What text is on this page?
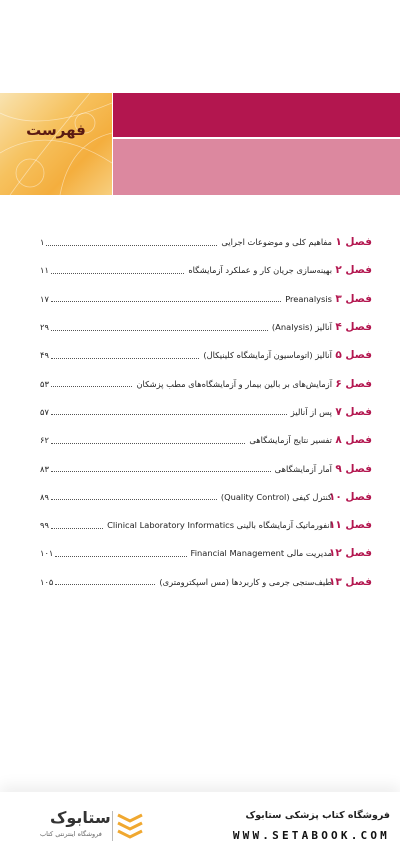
فهرست
فصل ۱
مفاهیم کلی و موضوعات اجرایی
۱
فصل ۲
بهینه‌سازی جریان کار و عملکرد آزمایشگاه
۱۱
فصل ۳
Preanalysis
۱۷
فصل ۴
آنالیز (Analysis)
۲۹
فصل ۵
آنالیز (اتوماسیون آزمایشگاه کلینیکال)
۴۹
فصل ۶
آزمایش‌های بر بالین بیمار و آزمایشگاه‌های مطب پزشکان
۵۳
فصل ۷
پس از آنالیز
۵۷
فصل ۸
تفسیر نتایج آزمایشگاهی
۶۲
فصل ۹
آمار آزمایشگاهی
۸۳
فصل ۱۰
کنترل کیفی (Quality Control)
۸۹
فصل ۱۱
انفورماتیک آزمایشگاه بالینی Clinical Laboratory Informatics
۹۹
فصل ۱۲
مدیریت مالی Financial Management
۱۰۱
فصل ۱۳
طیف‌سنجی جرمی و کاربردها (مس اسپکترومتری)
۱۰۵
ستابوک
فروشگاه اینترنتی کتاب
فروشگاه کتاب پزشکی ستابوک
WWW.SETABOOK.COM
